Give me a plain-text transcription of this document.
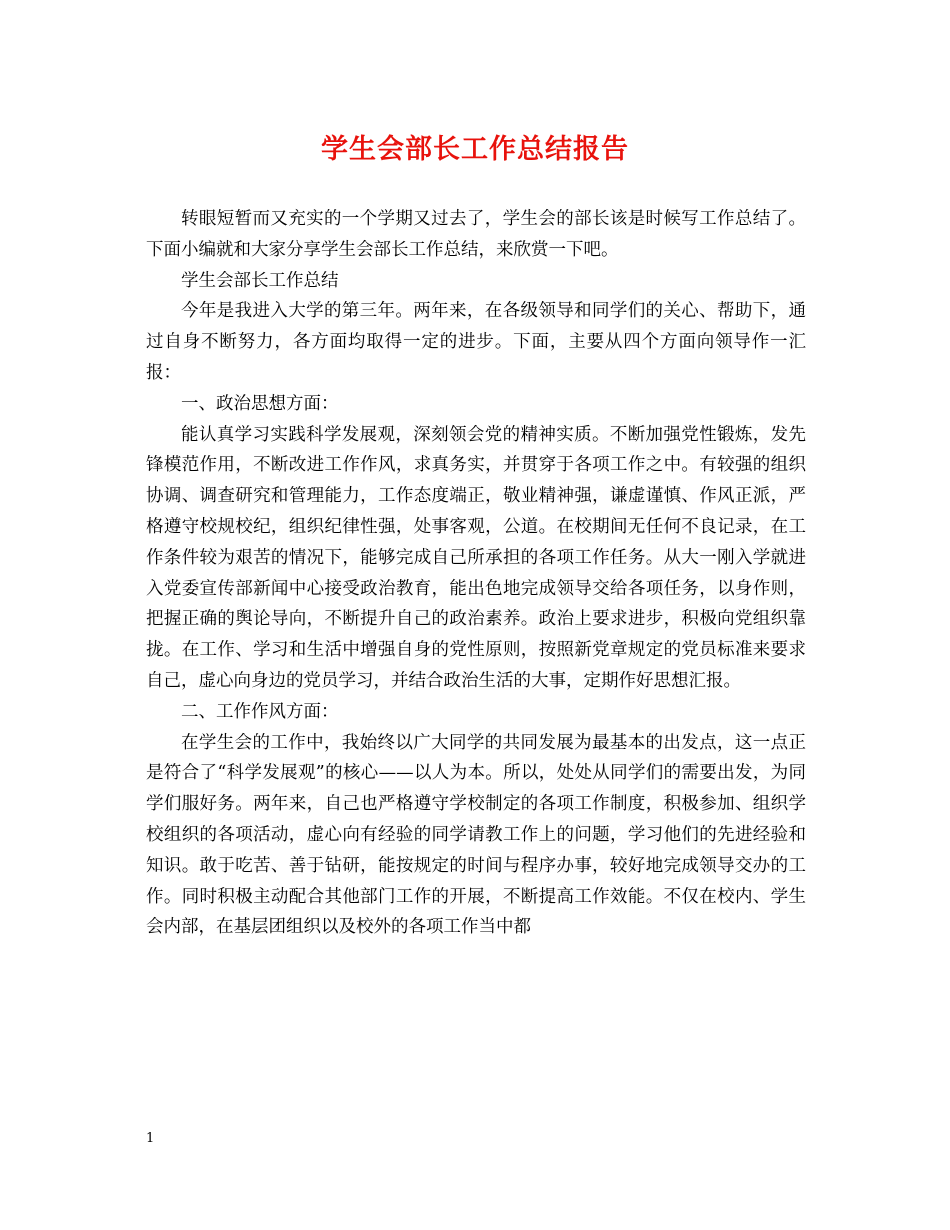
学生会部长工作总结报告

转眼短暂而又充实的一个学期又过去了，学生会的部长该是时候写工作总结了。下面小编就和大家分享学生会部长工作总结，来欣赏一下吧。

学生会部长工作总结

今年是我进入大学的第三年。两年来，在各级领导和同学们的关心、帮助下，通过自身不断努力，各方面均取得一定的进步。下面，主要从四个方面向领导作一汇报：

一、政治思想方面：

能认真学习实践科学发展观，深刻领会党的精神实质。不断加强党性锻炼，发先锋模范作用，不断改进工作作风，求真务实，并贯穿于各项工作之中。有较强的组织协调、调查研究和管理能力，工作态度端正，敬业精神强，谦虚谨慎、作风正派，严格遵守校规校纪，组织纪律性强，处事客观，公道。在校期间无任何不良记录，在工作条件较为艰苦的情况下，能够完成自己所承担的各项工作任务。从大一刚入学就进入党委宣传部新闻中心接受政治教育，能出色地完成领导交给各项任务，以身作则，把握正确的舆论导向，不断提升自己的政治素养。政治上要求进步，积极向党组织靠拢。在工作、学习和生活中增强自身的党性原则，按照新党章规定的党员标准来要求自己，虚心向身边的党员学习，并结合政治生活的大事，定期作好思想汇报。

二、工作作风方面：

在学生会的工作中，我始终以广大同学的共同发展为最基本的出发点，这一点正是符合了“科学发展观”的核心——以人为本。所以，处处从同学们的需要出发，为同学们服好务。两年来，自己也严格遵守学校制定的各项工作制度，积极参加、组织学校组织的各项活动，虚心向有经验的同学请教工作上的问题，学习他们的先进经验和知识。敢于吃苦、善于钻研，能按规定的时间与程序办事，较好地完成领导交办的工作。同时积极主动配合其他部门工作的开展，不断提高工作效能。不仅在校内、学生会内部，在基层团组织以及校外的各项工作当中都

1
